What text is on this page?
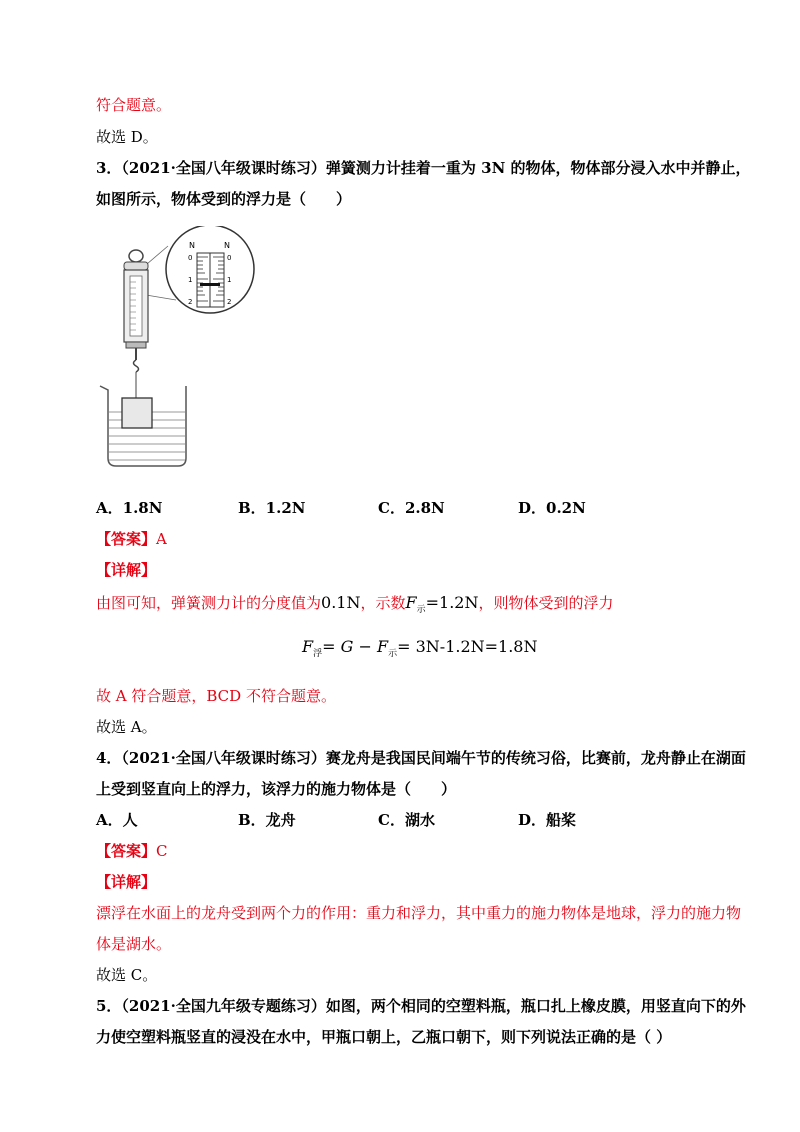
符合题意。
故选 D。
3．（2021·全国八年级课时练习）弹簧测力计挂着一重为 3N 的物体，物体部分浸入水中并静止，
如图所示，物体受到的浮力是（　　）
N	N
0
1
2
0
1
2
A．1.8N	B．1.2N	C．2.8N	D．0.2N
【答案】A
【详解】
由图可知，弹簧测力计的分度值为0.1N，示数$F_示=1.2N$，则物体受到的浮力
$F_浮= G - F_示= 3N-1.2N=1.8N$
故 A 符合题意，BCD 不符合题意。
故选 A。
4．（2021·全国八年级课时练习）赛龙舟是我国民间端午节的传统习俗，比赛前，龙舟静止在湖面
上受到竖直向上的浮力，该浮力的施力物体是（　　）
A．人	B．龙舟	C．湖水	D．船桨
【答案】C
【详解】
漂浮在水面上的龙舟受到两个力的作用：重力和浮力，其中重力的施力物体是地球，浮力的施力物
体是湖水。
故选 C。
5．（2021·全国九年级专题练习）如图，两个相同的空塑料瓶，瓶口扎上橡皮膜，用竖直向下的外
力使空塑料瓶竖直的浸没在水中，甲瓶口朝上，乙瓶口朝下，则下列说法正确的是（ ）
